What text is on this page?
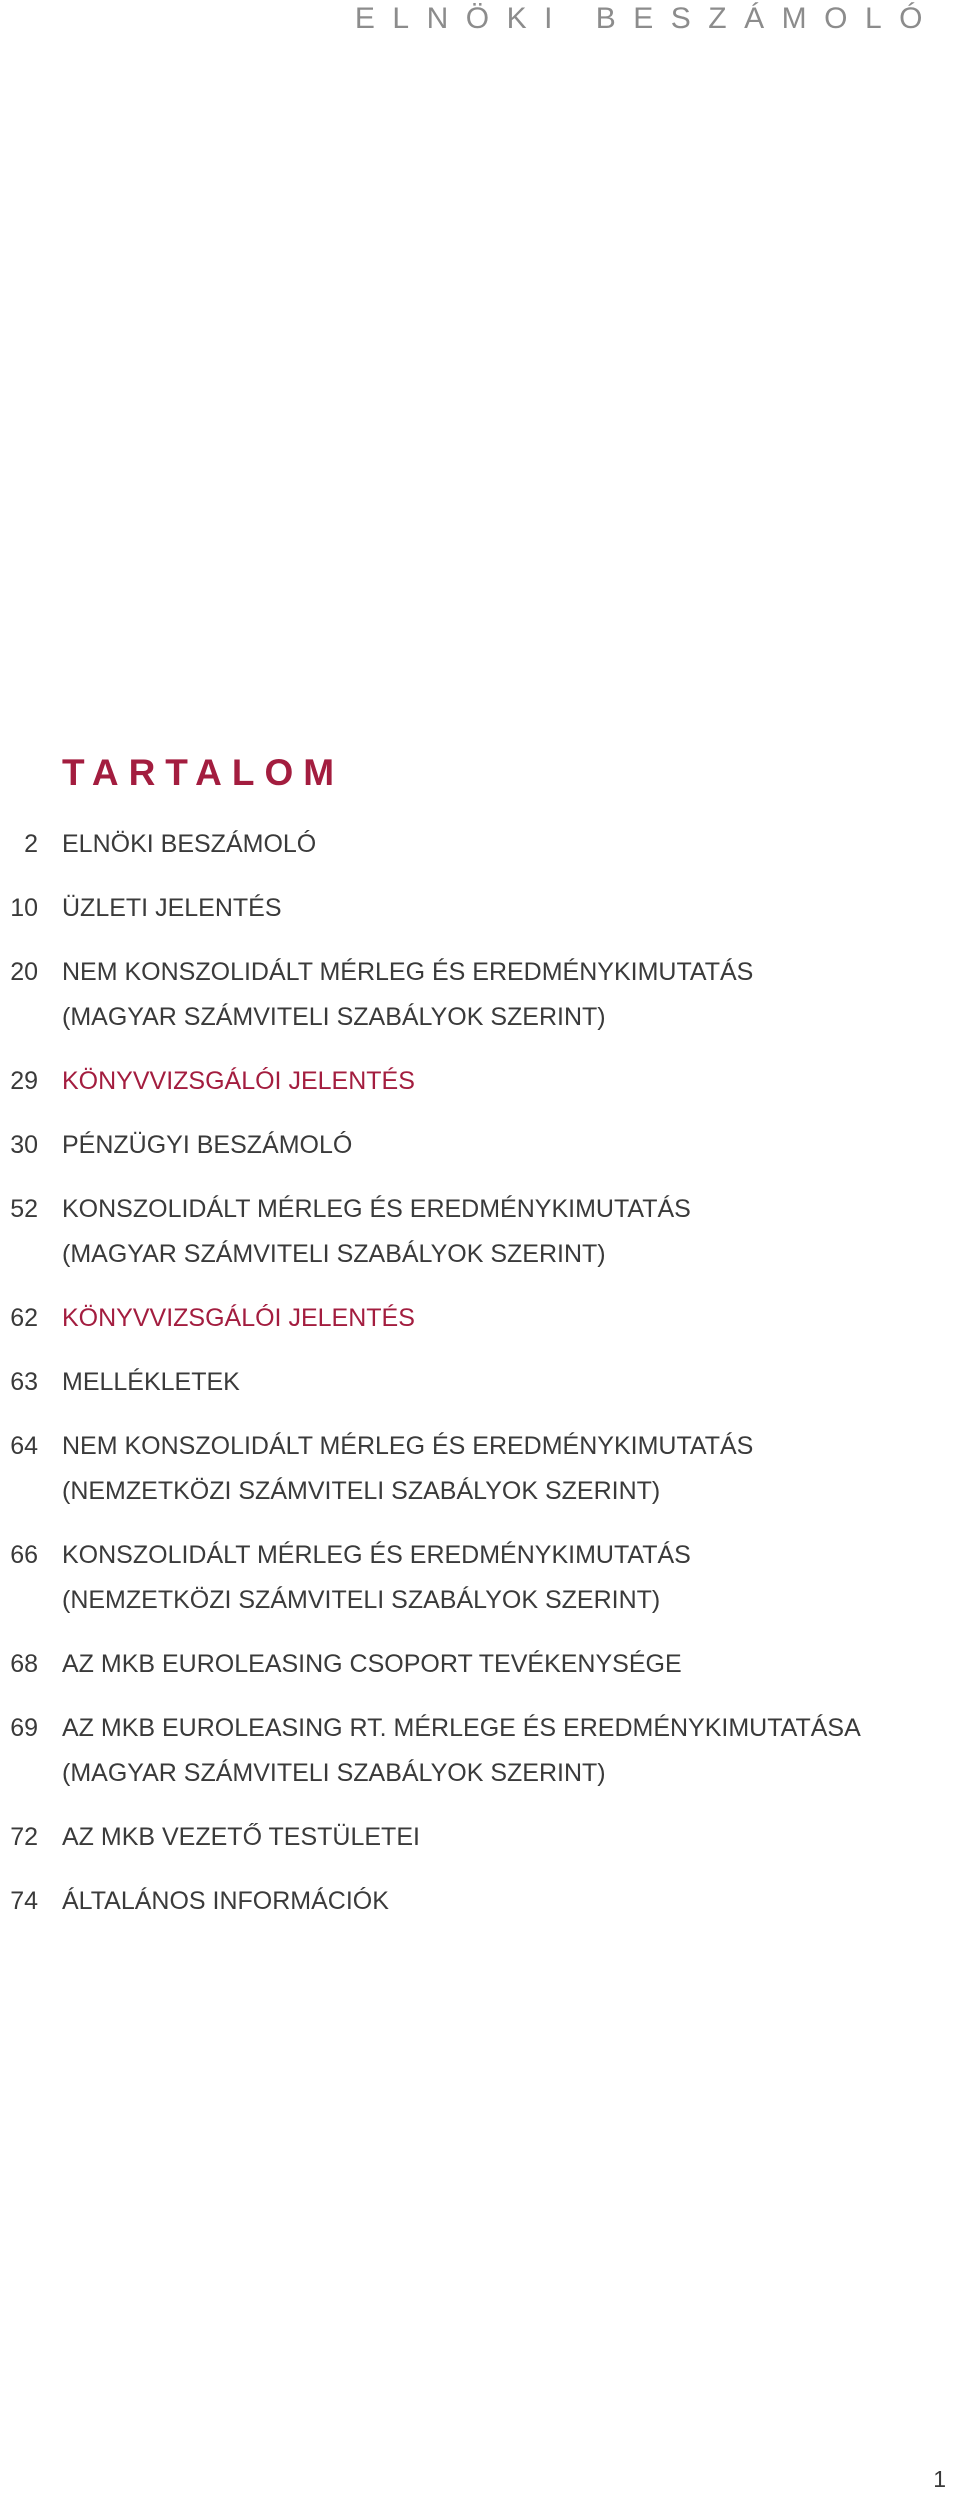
ELNÖKI BESZÁMOLÓ
TARTALOM
2 ELNÖKI BESZÁMOLÓ
10 ÜZLETI JELENTÉS
20 NEM KONSZOLIDÁLT MÉRLEG ÉS EREDMÉNYKIMUTATÁS
(MAGYAR SZÁMVITELI SZABÁLYOK SZERINT)
29 KÖNYVVIZSGÁLÓI JELENTÉS
30 PÉNZÜGYI BESZÁMOLÓ
52 KONSZOLIDÁLT MÉRLEG ÉS EREDMÉNYKIMUTATÁS
(MAGYAR SZÁMVITELI SZABÁLYOK SZERINT)
62 KÖNYVVIZSGÁLÓI JELENTÉS
63 MELLÉKLETEK
64 NEM KONSZOLIDÁLT MÉRLEG ÉS EREDMÉNYKIMUTATÁS
(NEMZETKÖZI SZÁMVITELI SZABÁLYOK SZERINT)
66 KONSZOLIDÁLT MÉRLEG ÉS EREDMÉNYKIMUTATÁS
(NEMZETKÖZI SZÁMVITELI SZABÁLYOK SZERINT)
68 AZ MKB EUROLEASING CSOPORT TEVÉKENYSÉGE
69 AZ MKB EUROLEASING RT. MÉRLEGE ÉS EREDMÉNYKIMUTATÁSA
(MAGYAR SZÁMVITELI SZABÁLYOK SZERINT)
72 AZ MKB VEZETŐ TESTÜLETEI
74 ÁLTALÁNOS INFORMÁCIÓK
1
